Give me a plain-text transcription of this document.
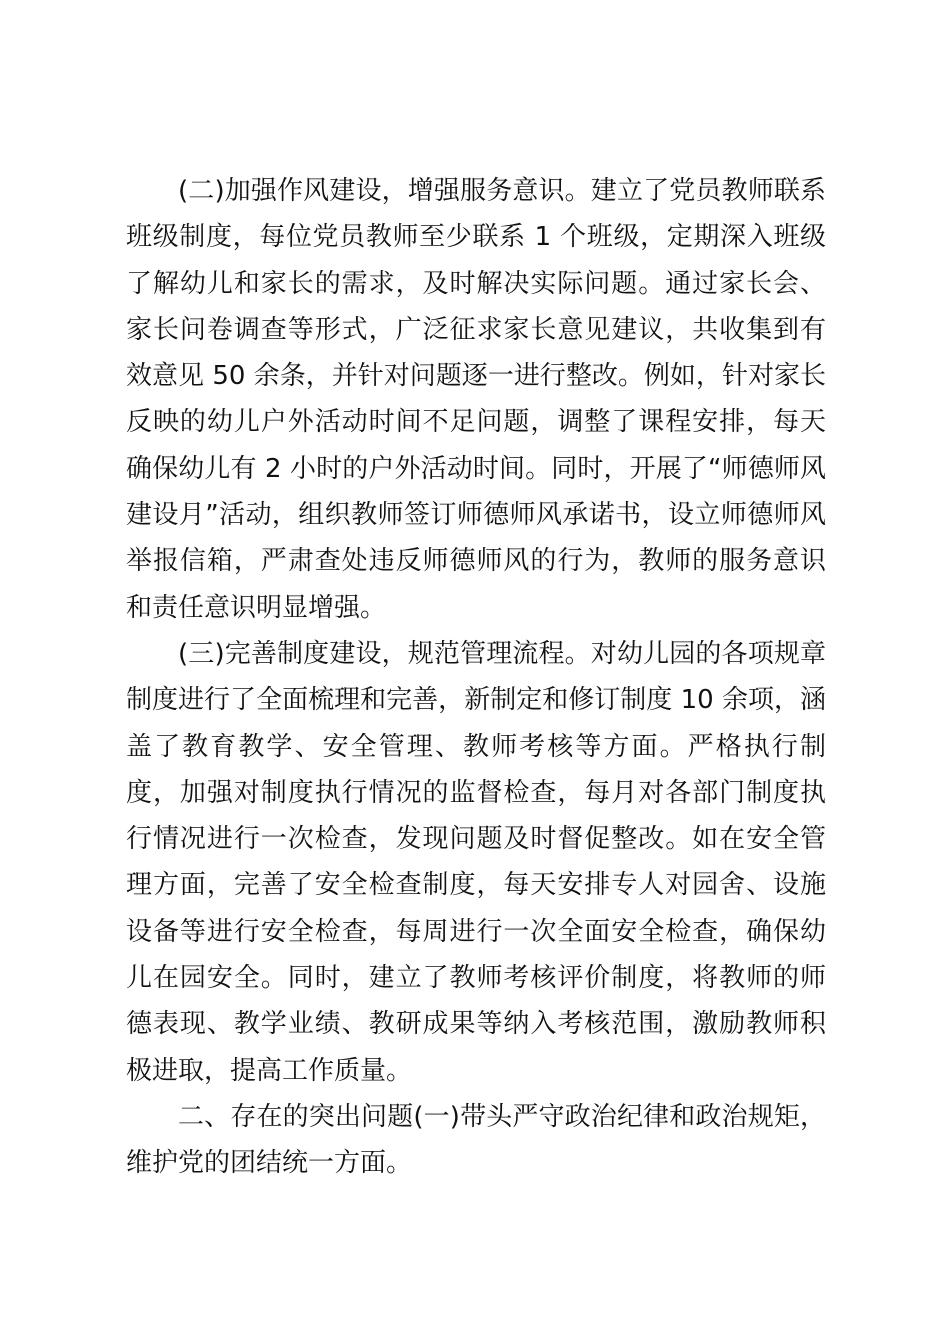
(二)加强作风建设，增强服务意识。建立了党员教师联系班级制度，每位党员教师至少联系 1 个班级，定期深入班级了解幼儿和家长的需求，及时解决实际问题。通过家长会、家长问卷调查等形式，广泛征求家长意见建议，共收集到有效意见 50 余条，并针对问题逐一进行整改。例如，针对家长反映的幼儿户外活动时间不足问题，调整了课程安排，每天确保幼儿有 2 小时的户外活动时间。同时，开展了“师德师风建设月”活动，组织教师签订师德师风承诺书，设立师德师风举报信箱，严肃查处违反师德师风的行为，教师的服务意识和责任意识明显增强。

(三)完善制度建设，规范管理流程。对幼儿园的各项规章制度进行了全面梳理和完善，新制定和修订制度 10 余项，涵盖了教育教学、安全管理、教师考核等方面。严格执行制度，加强对制度执行情况的监督检查，每月对各部门制度执行情况进行一次检查，发现问题及时督促整改。如在安全管理方面，完善了安全检查制度，每天安排专人对园舍、设施设备等进行安全检查，每周进行一次全面安全检查，确保幼儿在园安全。同时，建立了教师考核评价制度，将教师的师德表现、教学业绩、教研成果等纳入考核范围，激励教师积极进取，提高工作质量。

二、存在的突出问题(一)带头严守政治纪律和政治规矩，维护党的团结统一方面。
